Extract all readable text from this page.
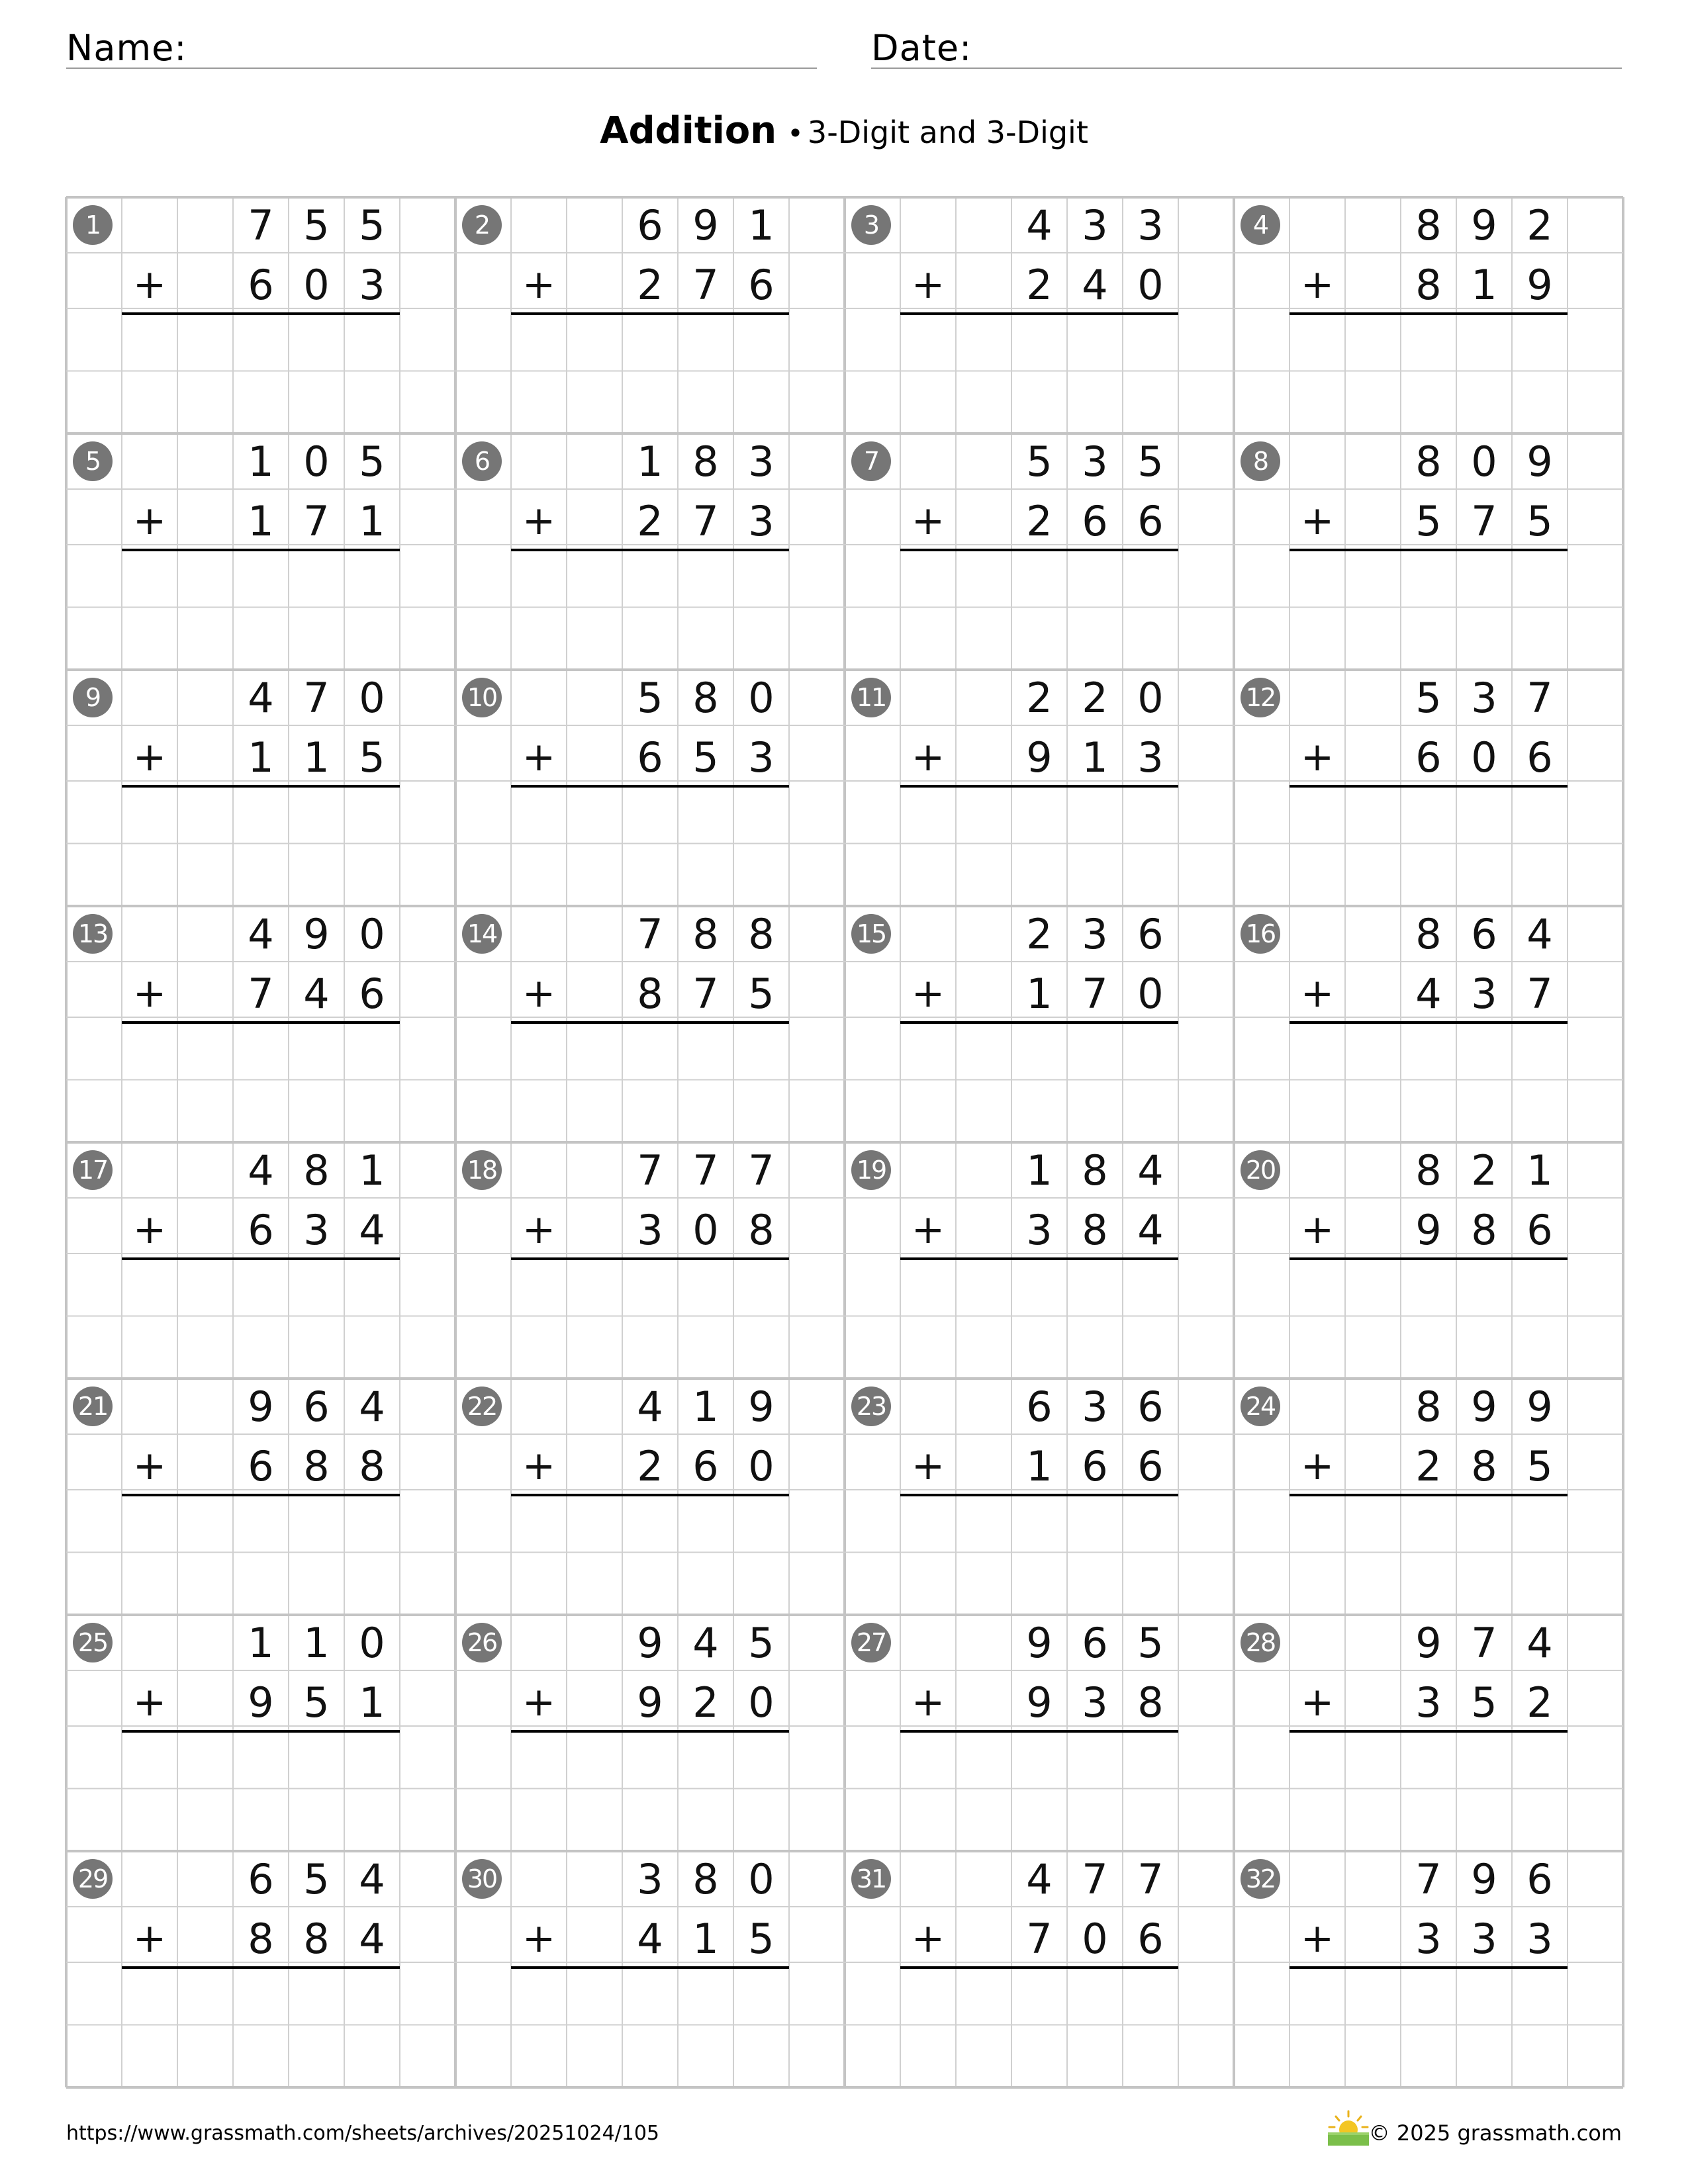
Name:	Date:
Addition • 3-Digit and 3-Digit
1	7 5 5
+	6 0 3
2	6 9 1
+	2 7 6
3	4 3 3
+	2 4 0
4	8 9 2
+	8 1 9
5	1 0 5
+	1 7 1
6	1 8 3
+	2 7 3
7	5 3 5
+	2 6 6
8	8 0 9
+	5 7 5
9	4 7 0
+	1 1 5
10	5 8 0
+	6 5 3
11	2 2 0
+	9 1 3
12	5 3 7
+	6 0 6
13	4 9 0
+	7 4 6
14	7 8 8
+	8 7 5
15	2 3 6
+	1 7 0
16	8 6 4
+	4 3 7
17	4 8 1
+	6 3 4
18	7 7 7
+	3 0 8
19	1 8 4
+	3 8 4
20	8 2 1
+	9 8 6
21	9 6 4
+	6 8 8
22	4 1 9
+	2 6 0
23	6 3 6
+	1 6 6
24	8 9 9
+	2 8 5
25	1 1 0
+	9 5 1
26	9 4 5
+	9 2 0
27	9 6 5
+	9 3 8
28	9 7 4
+	3 5 2
29	6 5 4
+	8 8 4
30	3 8 0
+	4 1 5
31	4 7 7
+	7 0 6
32	7 9 6
+	3 3 3
https://www.grassmath.com/sheets/archives/20251024/105	© 2025 grassmath.com
